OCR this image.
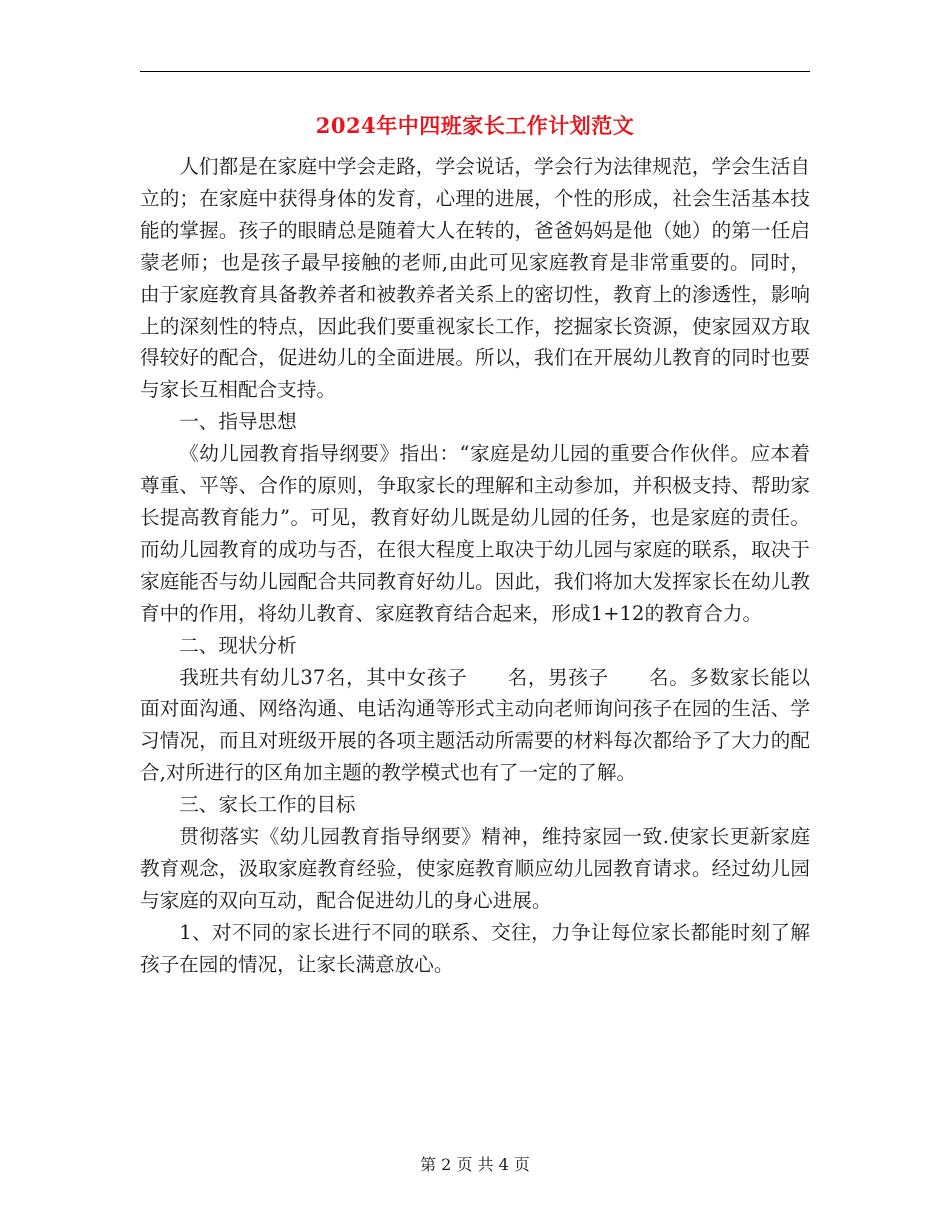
2024年中四班家长工作计划范文

人们都是在家庭中学会走路，学会说话，学会行为法律规范，学会生活自立的；在家庭中获得身体的发育，心理的进展，个性的形成，社会生活基本技能的掌握。孩子的眼睛总是随着大人在转的，爸爸妈妈是他（她）的第一任启蒙老师；也是孩子最早接触的老师,由此可见家庭教育是非常重要的。同时，由于家庭教育具备教养者和被教养者关系上的密切性，教育上的渗透性，影响上的深刻性的特点，因此我们要重视家长工作，挖掘家长资源，使家园双方取得较好的配合，促进幼儿的全面进展。所以，我们在开展幼儿教育的同时也要与家长互相配合支持。

一、指导思想

《幼儿园教育指导纲要》指出：“家庭是幼儿园的重要合作伙伴。应本着尊重、平等、合作的原则，争取家长的理解和主动参加，并积极支持、帮助家长提高教育能力”。可见，教育好幼儿既是幼儿园的任务，也是家庭的责任。而幼儿园教育的成功与否，在很大程度上取决于幼儿园与家庭的联系，取决于家庭能否与幼儿园配合共同教育好幼儿。因此，我们将加大发挥家长在幼儿教育中的作用，将幼儿教育、家庭教育结合起来，形成1+12的教育合力。

二、现状分析

我班共有幼儿37名，其中女孩子　　名，男孩子　　名。多数家长能以面对面沟通、网络沟通、电话沟通等形式主动向老师询问孩子在园的生活、学习情况，而且对班级开展的各项主题活动所需要的材料每次都给予了大力的配合,对所进行的区角加主题的教学模式也有了一定的了解。

三、家长工作的目标

贯彻落实《幼儿园教育指导纲要》精神，维持家园一致.使家长更新家庭教育观念，汲取家庭教育经验，使家庭教育顺应幼儿园教育请求。经过幼儿园与家庭的双向互动，配合促进幼儿的身心进展。

1、对不同的家长进行不同的联系、交往，力争让每位家长都能时刻了解孩子在园的情况，让家长满意放心。

第 2 页 共 4 页
